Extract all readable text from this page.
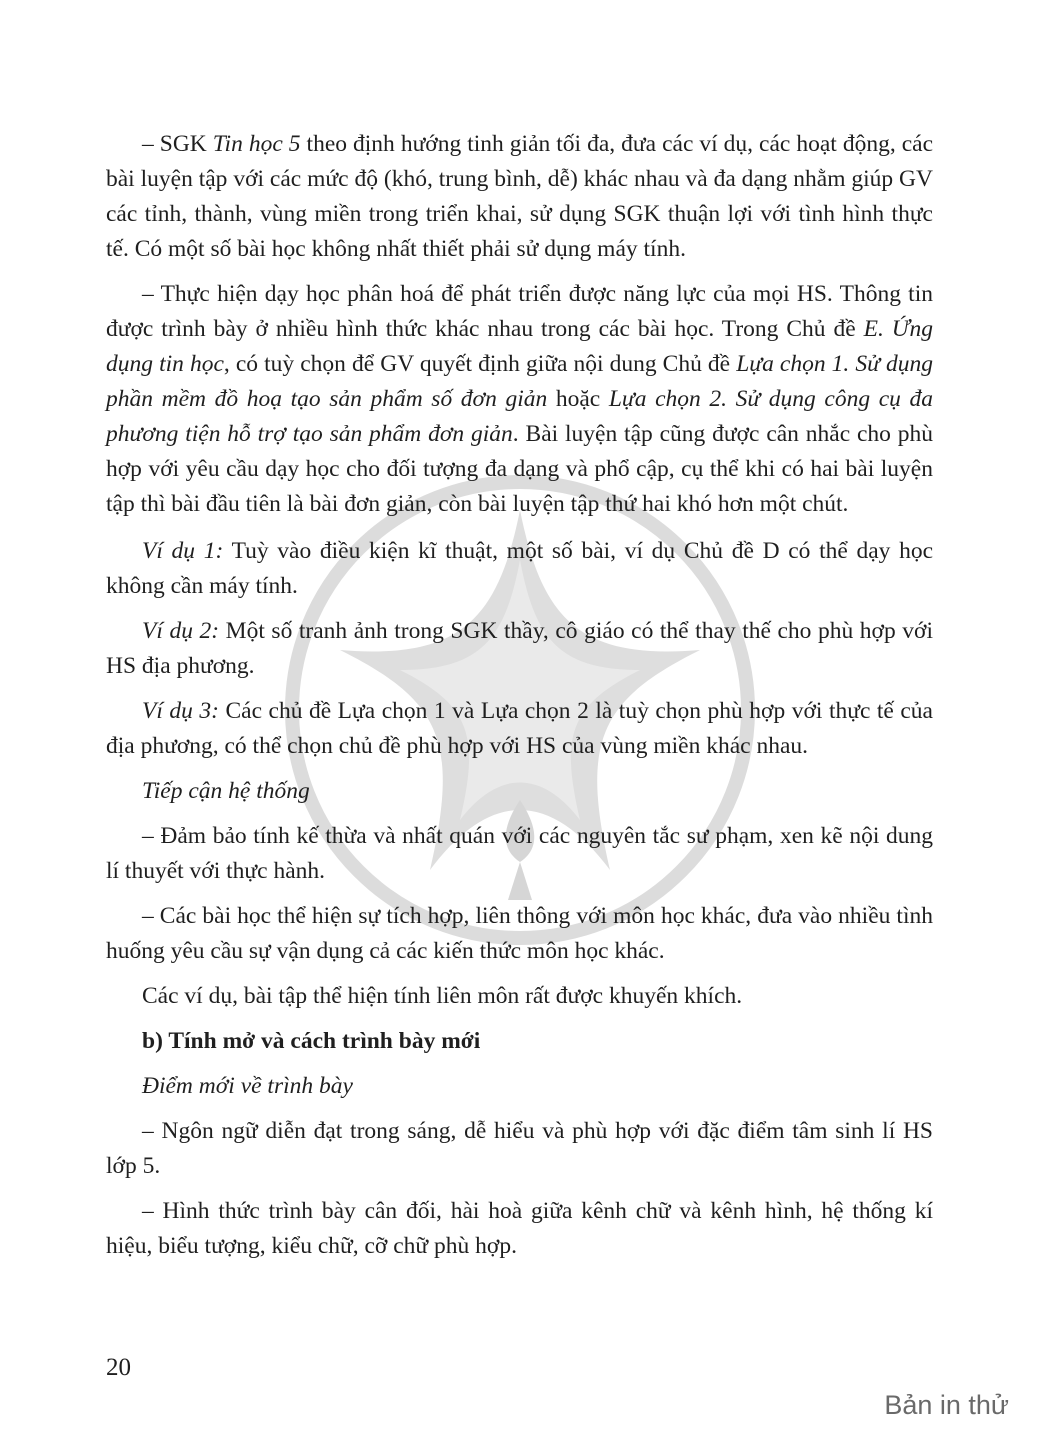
– SGK Tin học 5 theo định hướng tinh giản tối đa, đưa các ví dụ, các hoạt động, các bài luyện tập với các mức độ (khó, trung bình, dễ) khác nhau và đa dạng nhằm giúp GV các tỉnh, thành, vùng miền trong triển khai, sử dụng SGK thuận lợi với tình hình thực tế. Có một số bài học không nhất thiết phải sử dụng máy tính.

– Thực hiện dạy học phân hoá để phát triển được năng lực của mọi HS. Thông tin được trình bày ở nhiều hình thức khác nhau trong các bài học. Trong Chủ đề E. Ứng dụng tin học, có tuỳ chọn để GV quyết định giữa nội dung Chủ đề Lựa chọn 1. Sử dụng phần mềm đồ hoạ tạo sản phẩm số đơn giản hoặc Lựa chọn 2. Sử dụng công cụ đa phương tiện hỗ trợ tạo sản phẩm đơn giản. Bài luyện tập cũng được cân nhắc cho phù hợp với yêu cầu dạy học cho đối tượng đa dạng và phổ cập, cụ thể khi có hai bài luyện tập thì bài đầu tiên là bài đơn giản, còn bài luyện tập thứ hai khó hơn một chút.

Ví dụ 1: Tuỳ vào điều kiện kĩ thuật, một số bài, ví dụ Chủ đề D có thể dạy học không cần máy tính.

Ví dụ 2: Một số tranh ảnh trong SGK thầy, cô giáo có thể thay thế cho phù hợp với HS địa phương.

Ví dụ 3: Các chủ đề Lựa chọn 1 và Lựa chọn 2 là tuỳ chọn phù hợp với thực tế của địa phương, có thể chọn chủ đề phù hợp với HS của vùng miền khác nhau.

Tiếp cận hệ thống

– Đảm bảo tính kế thừa và nhất quán với các nguyên tắc sư phạm, xen kẽ nội dung lí thuyết với thực hành.

– Các bài học thể hiện sự tích hợp, liên thông với môn học khác, đưa vào nhiều tình huống yêu cầu sự vận dụng cả các kiến thức môn học khác.

Các ví dụ, bài tập thể hiện tính liên môn rất được khuyến khích.

b) Tính mở và cách trình bày mới

Điểm mới về trình bày

– Ngôn ngữ diễn đạt trong sáng, dễ hiểu và phù hợp với đặc điểm tâm sinh lí HS lớp 5.

– Hình thức trình bày cân đối, hài hoà giữa kênh chữ và kênh hình, hệ thống kí hiệu, biểu tượng, kiểu chữ, cỡ chữ phù hợp.

20
Bản in thử
